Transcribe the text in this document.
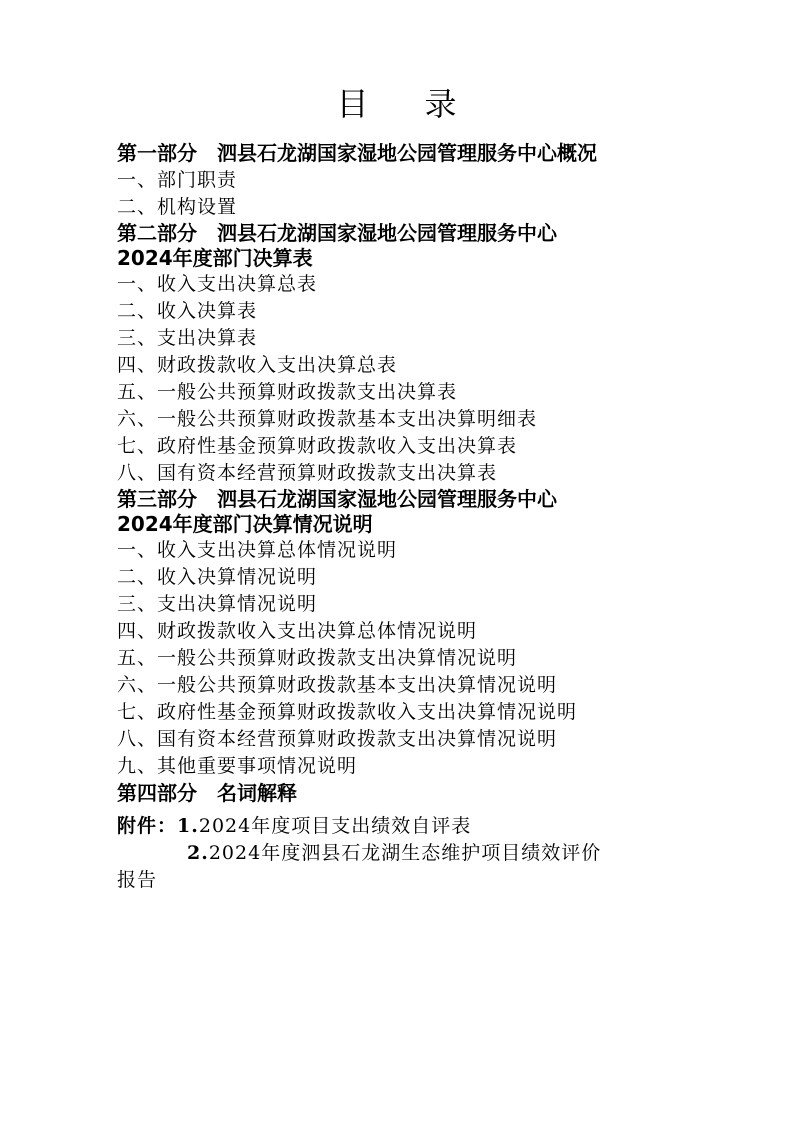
目 录
第一部分　泗县石龙湖国家湿地公园管理服务中心概况
一、部门职责
二、机构设置
第二部分　泗县石龙湖国家湿地公园管理服务中心
2024年度部门决算表
一、收入支出决算总表
二、收入决算表
三、支出决算表
四、财政拨款收入支出决算总表
五、一般公共预算财政拨款支出决算表
六、一般公共预算财政拨款基本支出决算明细表
七、政府性基金预算财政拨款收入支出决算表
八、国有资本经营预算财政拨款支出决算表
第三部分　泗县石龙湖国家湿地公园管理服务中心
2024年度部门决算情况说明
一、收入支出决算总体情况说明
二、收入决算情况说明
三、支出决算情况说明
四、财政拨款收入支出决算总体情况说明
五、一般公共预算财政拨款支出决算情况说明
六、一般公共预算财政拨款基本支出决算情况说明
七、政府性基金预算财政拨款收入支出决算情况说明
八、国有资本经营预算财政拨款支出决算情况说明
九、其他重要事项情况说明
第四部分　名词解释
附件：1.2024年度项目支出绩效自评表
2.2024年度泗县石龙湖生态维护项目绩效评价
报告
